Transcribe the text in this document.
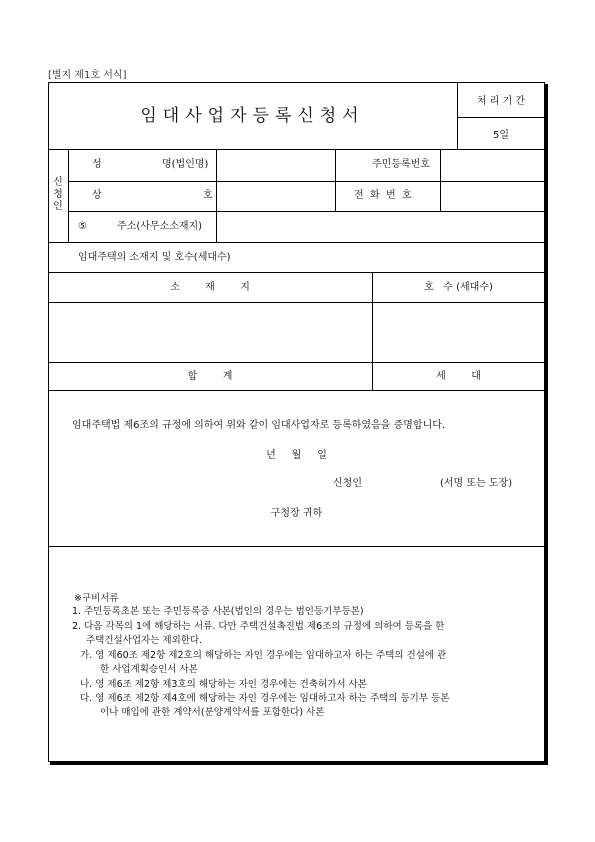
[별지 제1호 서식]
임대사업자등록신청서
처 리 기 간
5일
신
청
인
성	명(법인명)	주민등록번호
상	호	전  화  번  호
⑤	주소(사무소소재지)
임대주택의 소재지 및 호수(세대수)
소        재        지	호   수 (세대수)
합        계	세        대
임대주택법 제6조의 규정에 의하여 위와 같이 임대사업자로 등록하였음을 증명합니다.
년     월     일
신청인	(서명 또는 도장)
구청장 귀하
※구비서류
1. 주민등록초본 또는 주민등록증 사본(법인의 경우는 법인등기부등본)
2. 다음 각목의 1에 해당하는 서류. 다만 주택건설촉진법 제6조의 규정에 의하여 등록을 한
주택건설사업자는 제외한다.
가. 영 제60조 제2항 제2호의 해당하는 자인 경우에는 임대하고자 하는 주택의 건설에 관
한 사업계획승인서 사본
나. 영 제6조 제2항 제3호의 해당하는 자인 경우에는 건축허가서 사본
다. 영 제6조 제2항 제4호에 해당하는 자인 경우에는 임대하고자 하는 주택의 등기부 등본
이나 매입에 관한 계약서(분양계약서를 포함한다) 사본
